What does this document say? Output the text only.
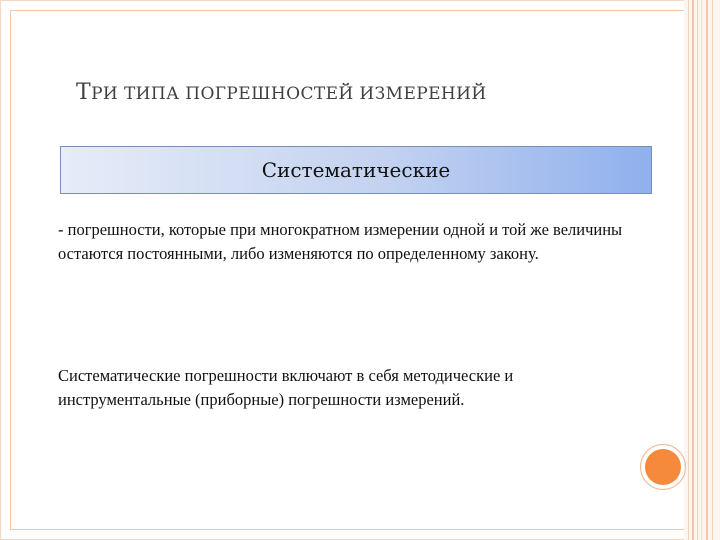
ТРИ ТИПА ПОГРЕШНОСТЕЙ ИЗМЕРЕНИЙ
Систематические

- погрешности, которые при многократном измерении одной и той же величины остаются постоянными, либо изменяются по определенному закону.

Систематические погрешности включают в себя методические и инструментальные (приборные) погрешности измерений.
